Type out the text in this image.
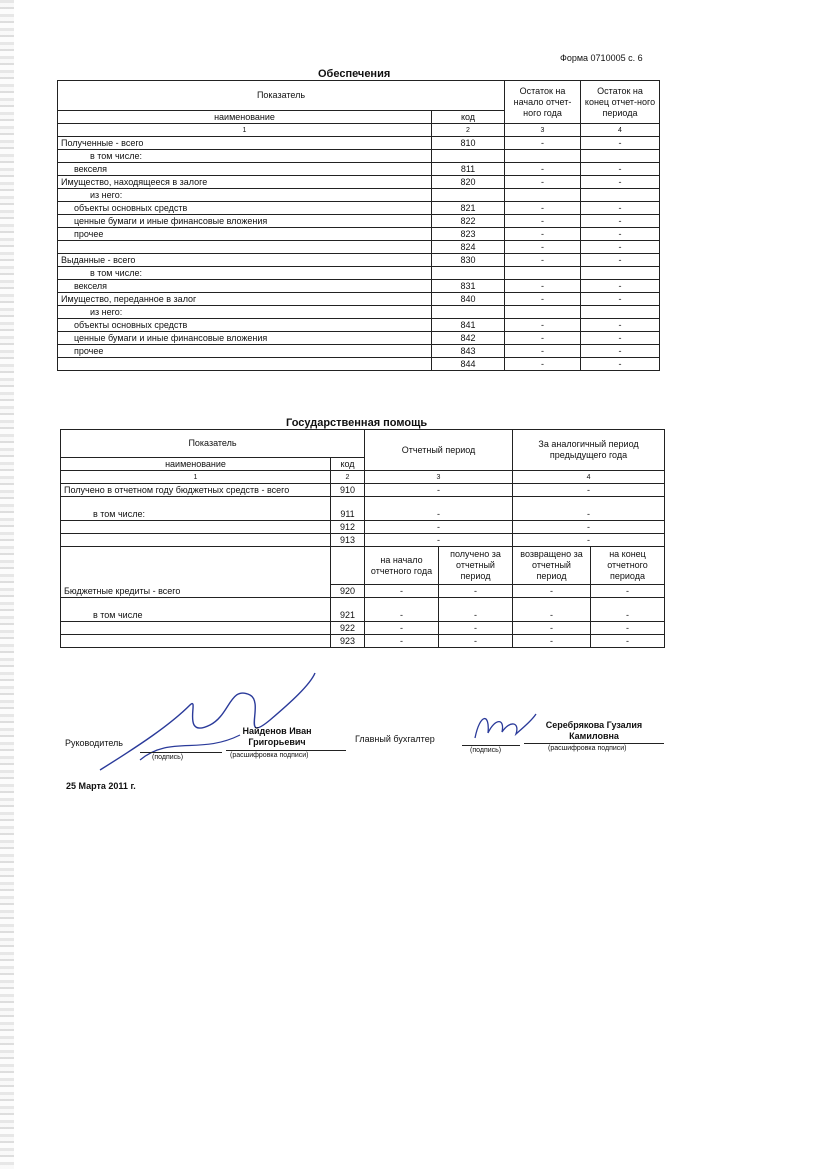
Форма 0710005 с. 6
Обеспечения
Показатель		Остаток на начало отчет-ного года	Остаток на конец отчет-ного периода
наименование	код		
1	2	3	4
Полученные - всего	810	-	-
в том числе:			
векселя	811	-	-
Имущество, находящееся в залоге	820	-	-
из него:			
объекты основных средств	821	-	-
ценные бумаги и иные финансовые вложения	822	-	-
прочее	823	-	-
	824	-	-
Выданные - всего	830	-	-
в том числе:			
векселя	831	-	-
Имущество, переданное в залог	840	-	-
из него:			
объекты основных средств	841	-	-
ценные бумаги и иные финансовые вложения	842	-	-
прочее	843	-	-
	844	-	-
Государственная помощь
Показатель		Отчетный период		За аналогичный период предыдущего года	
наименование	код				
1	2	3		4	
Получено в отчетном году бюджетных средств - всего	910	-		-	
в том числе:	911	-		-	
	912	-		-	
	913	-		-	
Бюджетные кредиты - всего		на начало отчетного года	получено за отчетный период	возвращено за отчетный период	на конец отчетного периода
	920	-	-	-	-
в том числе	921	-	-	-	-
	922	-	-	-	-
	923	-	-	-	-
Руководитель
(подпись)
Найденов Иван
Григорьевич
(расшифровка подписи)
Главный бухгалтер
(подпись)
Серебрякова Гузалия
Камиловна
(расшифровка подписи)
25 Марта 2011 г.
